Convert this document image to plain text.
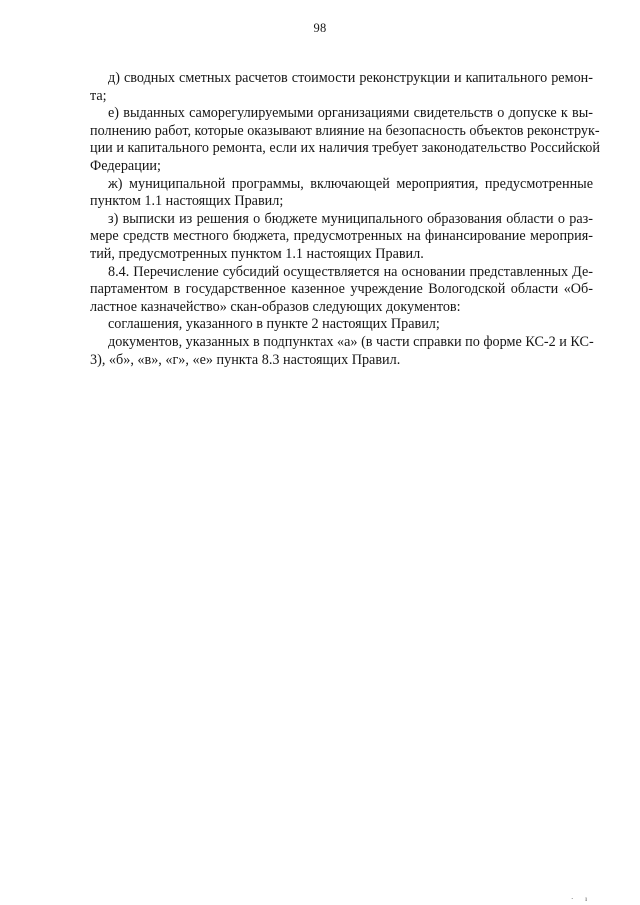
98
д) сводных сметных расчетов стоимости реконструкции и капитального ремон-
та;
е) выданных саморегулируемыми организациями свидетельств о допуске к вы-
полнению работ, которые оказывают влияние на безопасность объектов реконструк-
ции и капитального ремонта, если их наличия требует законодательство Российской
Федерации;
ж) муниципальной программы, включающей мероприятия, предусмотренные
пунктом 1.1 настоящих Правил;
з) выписки из решения о бюджете муниципального образования области о раз-
мере средств местного бюджета, предусмотренных на финансирование мероприя-
тий, предусмотренных пунктом 1.1 настоящих Правил.
8.4. Перечисление субсидий осуществляется на основании представленных Де-
партаментом в государственное казенное учреждение Вологодской области «Об-
ластное казначейство» скан-образов следующих документов:
соглашения, указанного в пункте 2 настоящих Правил;
документов, указанных в подпунктах «а» (в части справки по форме КС-2 и КС-
3), «б», «в», «г», «е» пункта 8.3 настоящих Правил.
· ı
